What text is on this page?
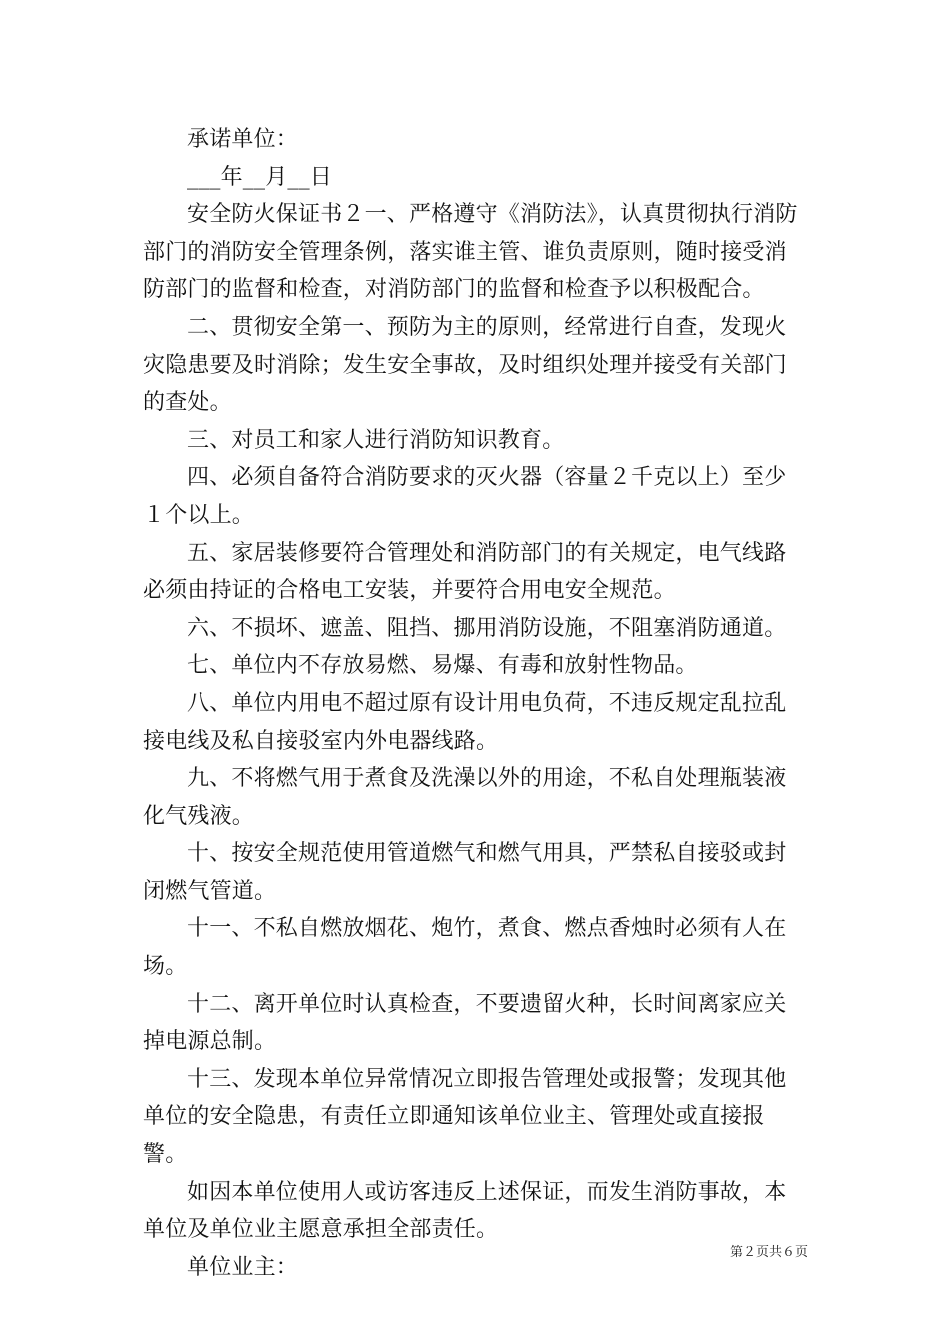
承诺单位：

___年__月__日

安全防火保证书２一、严格遵守《消防法》，认真贯彻执行消防部门的消防安全管理条例，落实谁主管、谁负责原则，随时接受消防部门的监督和检查，对消防部门的监督和检查予以积极配合。

二、贯彻安全第一、预防为主的原则，经常进行自查，发现火灾隐患要及时消除；发生安全事故，及时组织处理并接受有关部门的查处。

三、对员工和家人进行消防知识教育。

四、必须自备符合消防要求的灭火器（容量２千克以上）至少１个以上。

五、家居装修要符合管理处和消防部门的有关规定，电气线路必须由持证的合格电工安装，并要符合用电安全规范。

六、不损坏、遮盖、阻挡、挪用消防设施，不阻塞消防通道。

七、单位内不存放易燃、易爆、有毒和放射性物品。

八、单位内用电不超过原有设计用电负荷，不违反规定乱拉乱接电线及私自接驳室内外电器线路。

九、不将燃气用于煮食及洗澡以外的用途，不私自处理瓶装液化气残液。

十、按安全规范使用管道燃气和燃气用具，严禁私自接驳或封闭燃气管道。

十一、不私自燃放烟花、炮竹，煮食、燃点香烛时必须有人在场。

十二、离开单位时认真检查，不要遗留火种，长时间离家应关掉电源总制。

十三、发现本单位异常情况立即报告管理处或报警；发现其他单位的安全隐患，有责任立即通知该单位业主、管理处或直接报警。

如因本单位使用人或访客违反上述保证，而发生消防事故，本单位及单位业主愿意承担全部责任。

单位业主：

第２页共６页
